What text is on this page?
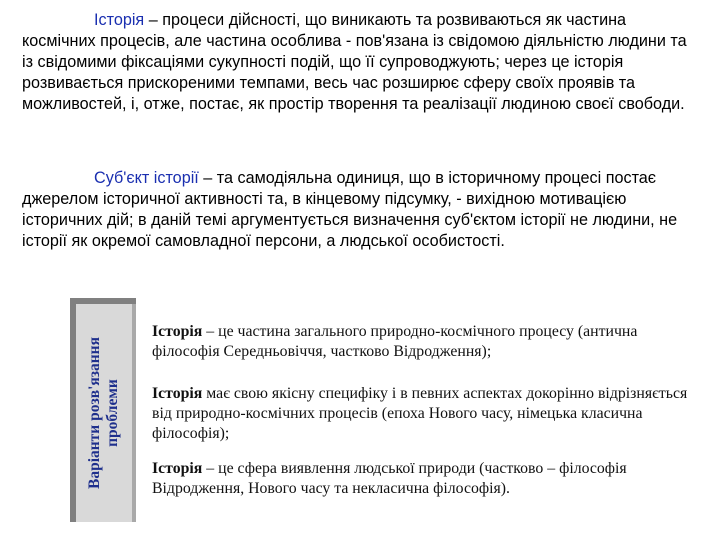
Історія – процеси дійсності, що виникають та розвиваються як частина космічних процесів, але частина особлива - пов'язана із свідомою діяльністю людини та із свідомими фіксаціями сукупності подій, що її супроводжують; через це історія розвивається прискореними темпами, весь час розширює сферу своїх проявів та можливостей, і, отже, постає, як простір творення та реалізації людиною своєї свободи.

Суб'єкт історії – та самодіяльна одиниця, що в історичному процесі постає джерелом історичної активності та, в кінцевому підсумку, - вихідною мотивацією історичних дій; в даній темі аргументується визначення суб'єктом історії не людини, не історії як окремої самовладної персони, а людської особистості.

Варіанти розв'язання проблеми

Історія – це частина загального природно-космічного процесу (антична філософія Середньовіччя, частково Відродження);

Історія має свою якісну специфіку і в певних аспектах докорінно відрізняється від природно-космічних процесів (епоха Нового часу, німецька класична філософія);

Історія – це сфера виявлення людської природи (частково – філософія Відродження, Нового часу та некласична філософія).
